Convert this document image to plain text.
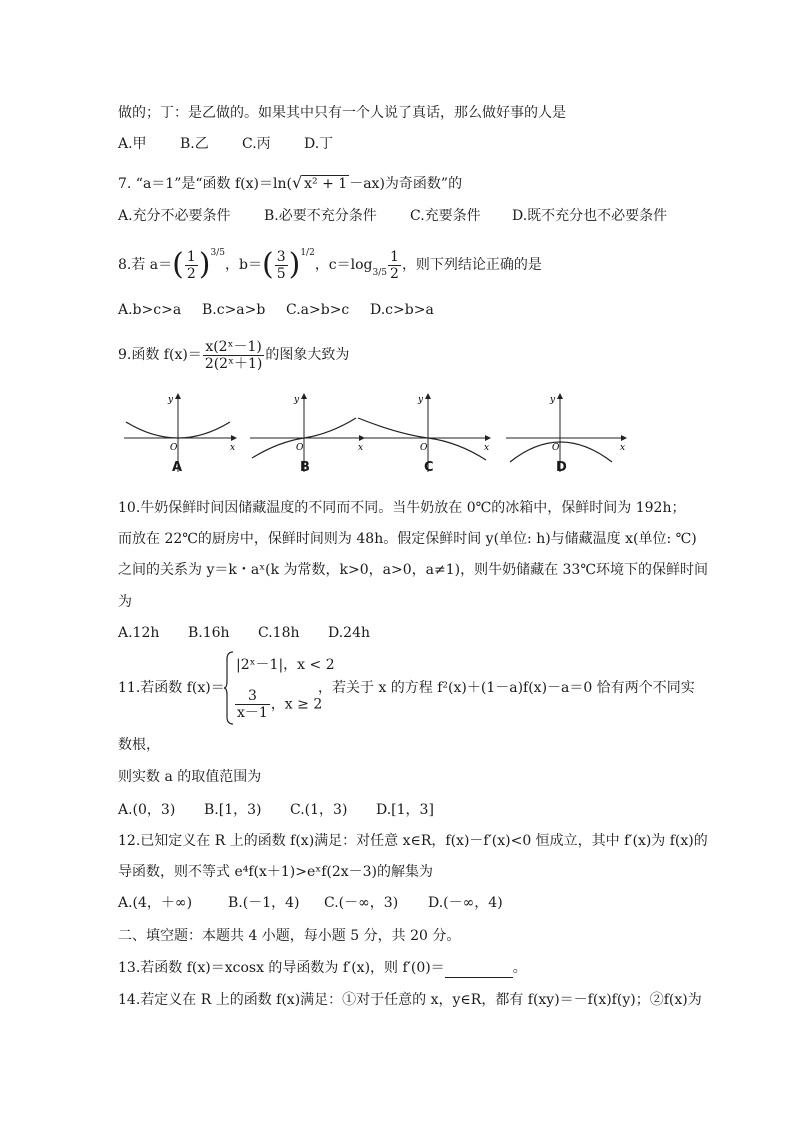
做的；丁：是乙做的。如果其中只有一个人说了真话，那么做好事的人是
A.甲 B.乙 C.丙 D.丁
7. “a＝1”是“函数 f(x)＝ln(√ x² + 1 －ax)为奇函数”的
A.充分不必要条件 B.必要不充分条件 C.充要条件 D.既不充分也不必要条件
8.若 $a=( \frac{1}{2} )^{3/5}$，$b=( \frac{3}{5} )^{1/2}$，$c=\log_{3/5} \frac{1}{2}$ ，则下列结论正确的是
A.b>c>a B.c>a>b C.a>b>c D.c>b>a
9.函数 $f(x)= \frac{\text{x(2ˣ－1)}}{\text{2(2ˣ＋1)}}$ 的图象大致为
O	x
y
O	x
y
O	x
y
O	x
y
A	B	C	D
10.牛奶保鲜时间因储藏温度的不同而不同。当牛奶放在 0℃的冰箱中，保鲜时间为 192h；
而放在 22℃的厨房中，保鲜时间则为 48h。假定保鲜时间 y(单位: h)与储藏温度 x(单位: ℃)
之间的关系为 y＝k・aˣ(k 为常数，k>0，a>0，a≠1)，则牛奶储藏在 33℃环境下的保鲜时间
为
A.12h B.16h C.18h D.24h
11.若函数 f(x)＝
|2ˣ－1|，x < 2
$\frac{3}{x-1}$ ，x ≥ 2
，若关于 x 的方程 f²(x)＋(1－a)f(x)－a＝0 恰有两个不同实
数根，
则实数 a 的取值范围为
A.(0，3) B.[1，3) C.(1，3) D.[1，3]
12.已知定义在 R 上的函数 f(x)满足：对任意 x∈R，f(x)－f′(x)<0 恒成立，其中 f′(x)为 f(x)的
导函数，则不等式 e⁴f(x＋1)>eˣf(2x－3)的解集为
A.(4，＋∞)	B.(－1，4) C.(－∞，3) D.(－∞，4)
二、填空题：本题共 4 小题，每小题 5 分，共 20 分。
13.若函数 f(x)＝xcosx 的导函数为 f′(x)，则 f′(0)＝	。
14.若定义在 R 上的函数 f(x)满足：①对于任意的 x，y∈R，都有 f(xy)＝－f(x)f(y)；②f(x)为
